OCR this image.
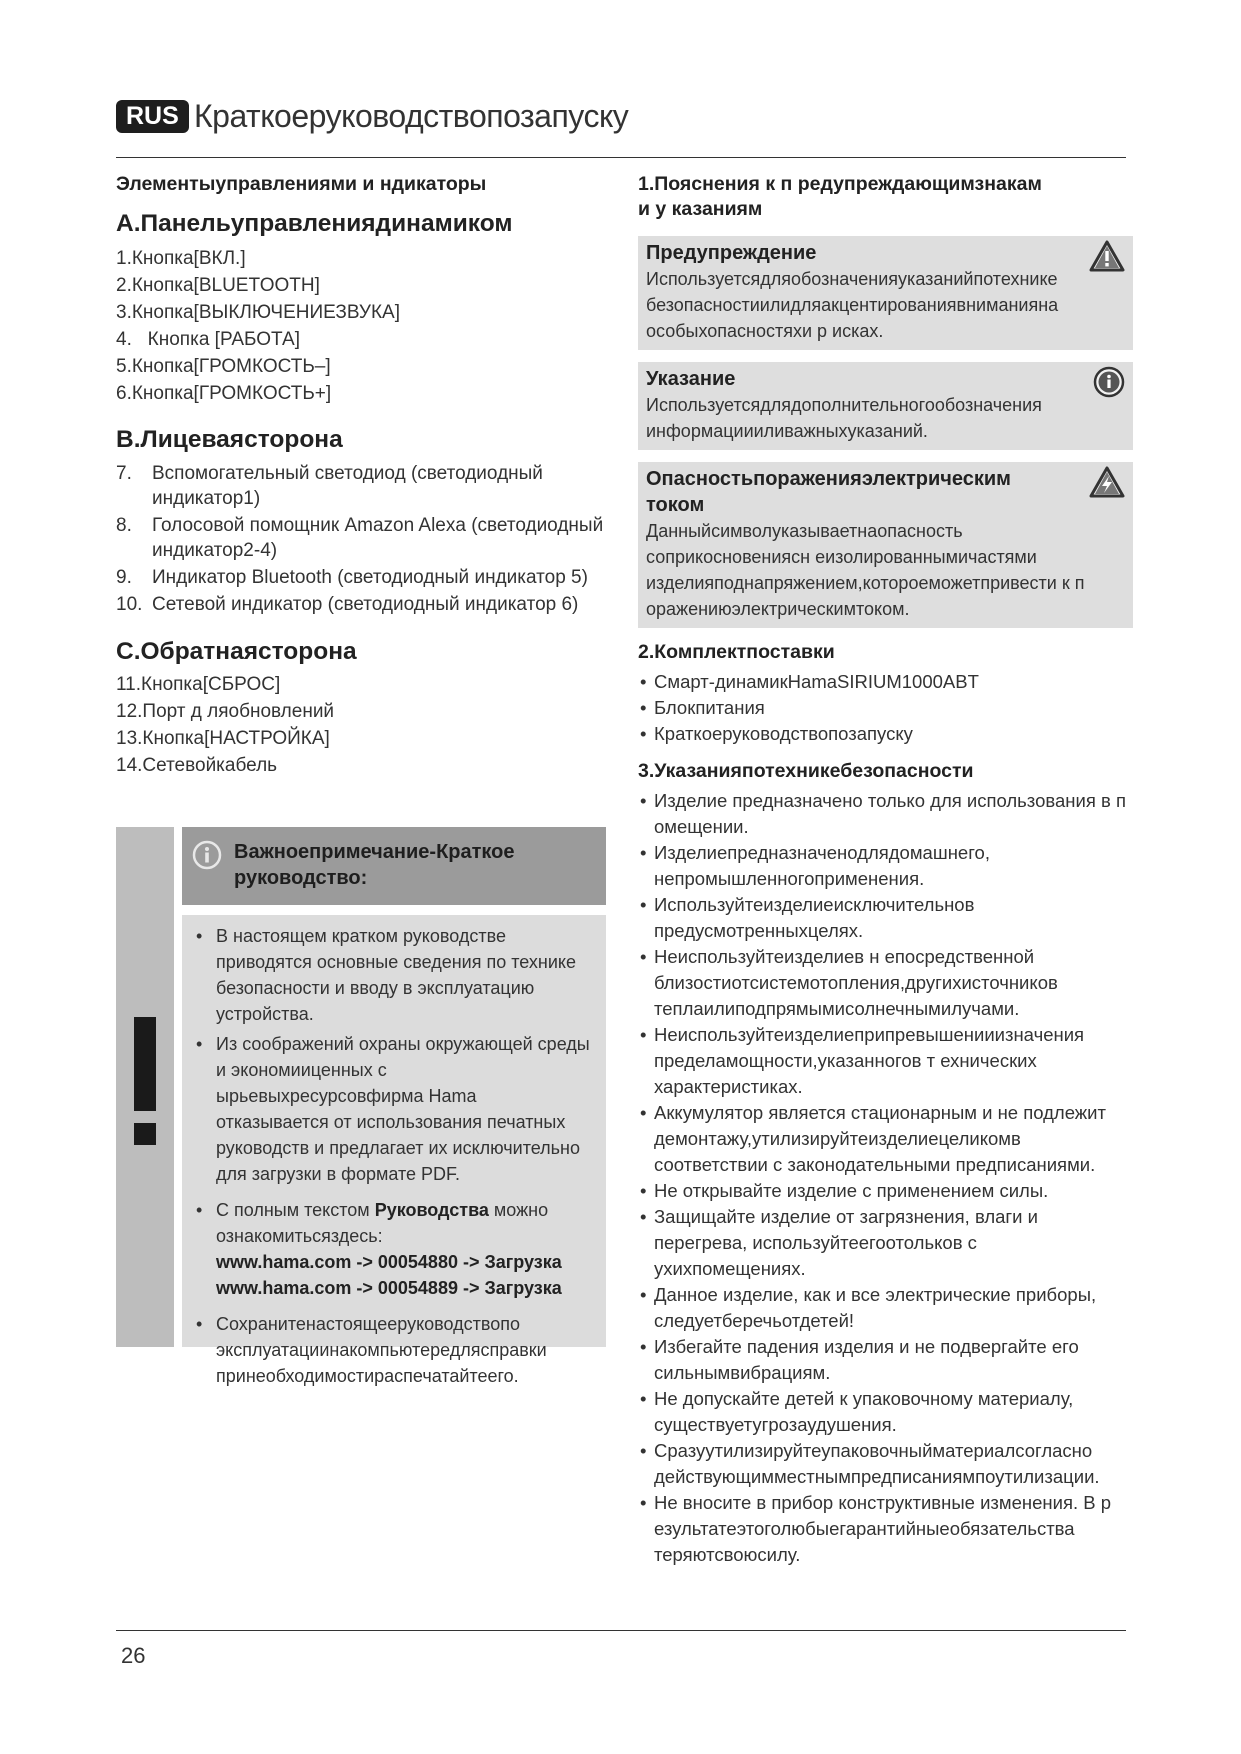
RUS Краткоеруководствопозапуску
Элементыуправлениями и ндикаторы
А.Панельуправлениядинамиком
1.Кнопка[ВКЛ.]
2.Кнопка[BLUETOOTH]
3.Кнопка[ВЫКЛЮЧЕНИЕЗВУКА]
4.   Кнопка [РАБОТА]
5.Кнопка[ГРОМКОСТЬ–]
6.Кнопка[ГРОМКОСТЬ+]
В.Лицеваясторона
7.	Вспомогательный светодиод (светодиодный индикатор1)
8.	Голосовой помощник Amazon Alexa (светодиодный индикатор2-4)
9.	Индикатор Bluetooth (светодиодный индикатор 5)
10. Сетевой индикатор (светодиодный индикатор 6)
С.Обратнаясторона
11.Кнопка[СБРОС]
12.Порт д ляобновлений
13.Кнопка[НАСТРОЙКА]
14.Сетевойкабель
Важноепримечание-Краткое руководство:
• В настоящем кратком руководстве приводятся основные сведения по технике безопасности и вводу в эксплуатацию устройства.
• Из соображений охраны окружающей среды и экономииценных с ырьевыхресурсовфирма Hama отказывается от использования печатных руководств и предлагает их исключительно для загрузки в формате PDF.
• С полным текстом Руководства можно ознакомитьсяздесь:
www.hama.com -> 00054880 -> Загрузка
www.hama.com -> 00054889 -> Загрузка
• Сохранитенастоящееруководствопо эксплуатациинакомпьютередлясправки принеобходимостираспечатайтеего.
1.Пояснения к п редупреждающимзнакам и у казаниям
Предупреждение
Используетсядляобозначенияуказанийпотехнике безопасностиилидляакцентированиявниманияна особыхопасностяхи р исках.
Указание
Используетсядлядополнительногообозначения информациииливажныхуказаний.
Опасностьпораженияэлектрическим током
Данныйсимволуказываетнаопасность соприкосновениясн еизолированнымичастями изделияподнапряжением,котороеможетпривести к п оражениюэлектрическимтоком.
2.Комплектпоставки
• Смарт-динамикHamaSIRIUM1000ABT
• Блокпитания
• Краткоеруководствопозапуску
3.Указанияпотехникебезопасности
• Изделие предназначено только для использования в п омещении.
• Изделиепредназначенодлядомашнего, непромышленногоприменения.
• Используйтеизделиеисключительнов предусмотренныхцелях.
• Неиспользуйтеизделиев н епосредственной близостиотсистемотопления,другихисточников теплаилиподпрямымисолнечнымилучами.
• Неиспользуйтеизделиеприпревышенииизначения пределамощности,указанногов т ехнических характеристиках.
• Аккумулятор является стационарным и не подлежит демонтажу,утилизируйтеизделиецеликомв соответствии с законодательными предписаниями.
• Не открывайте изделие с применением силы.
• Защищайте изделие от загрязнения, влаги и перегрева, используйтеегоотольков с ухихпомещениях.
• Данное изделие, как и все электрические приборы, следуетберечьотдетей!
• Избегайте падения изделия и не подвергайте его сильнымвибрациям.
• Не допускайте детей к упаковочному материалу, существуетугрозаудушения.
• Сразуутилизируйтеупаковочныйматериалсогласно действующимместнымпредписаниямпоутилизации.
• Не вносите в прибор конструктивные изменения. В р езультатеэтоголюбыегарантийныеобязательства теряютсвоюсилу.
26
